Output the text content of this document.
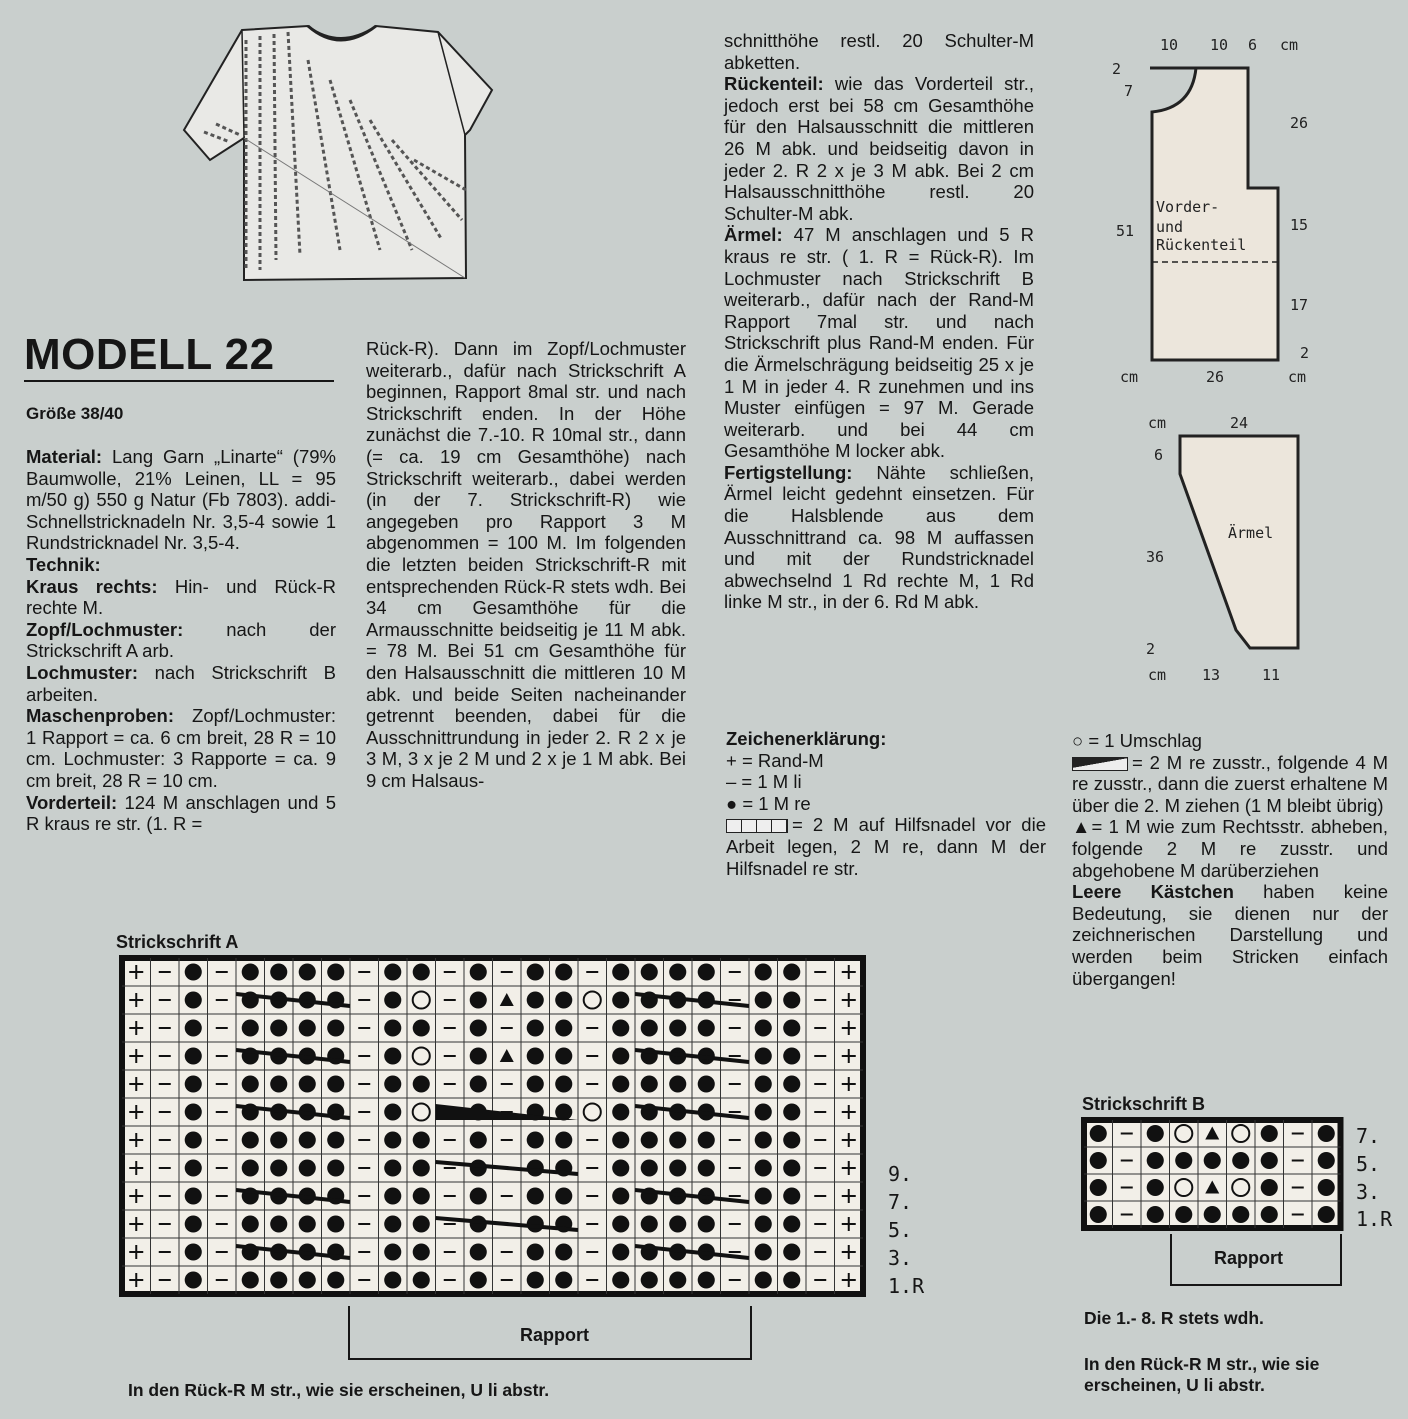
MODELL 22
Größe 38/40

Material: Lang Garn „Linarte“ (79% Baumwolle, 21% Leinen, LL = 95 m/50 g) 550 g Natur (Fb 7803). addi-Schnellstricknadeln Nr. 3,5-4 sowie 1 Rundstricknadel Nr. 3,5-4.

Technik:

Kraus rechts: Hin- und Rück-R rechte M.

Zopf/Lochmuster: nach der Strickschrift A arb.

Lochmuster: nach Strickschrift B arbeiten.

Maschenproben: Zopf/Lochmuster: 1 Rapport = ca. 6 cm breit, 28 R = 10 cm. Lochmuster: 3 Rapporte = ca. 9 cm breit, 28 R = 10 cm.

Vorderteil: 124 M anschlagen und 5 R kraus re str. (1. R =

Rück-R). Dann im Zopf/Lochmuster weiterarb., dafür nach Strickschrift A beginnen, Rapport 8mal str. und nach Strickschrift enden. In der Höhe zunächst die 7.-10. R 10mal str., dann (= ca. 19 cm Gesamthöhe) nach Strickschrift weiterarb., dabei werden (in der 7. Strickschrift-R) wie angegeben pro Rapport 3 M abgenommen = 100 M. Im folgenden die letzten beiden Strickschrift-R mit entsprechenden Rück-R stets wdh. Bei 34 cm Gesamthöhe für die Armausschnitte beidseitig je 11 M abk. = 78 M. Bei 51 cm Gesamthöhe für den Halsausschnitt die mittleren 10 M abk. und beide Seiten nacheinander getrennt beenden, dabei für die Ausschnittrundung in jeder 2. R 2 x je 3 M, 3 x je 2 M und 2 x je 1 M abk. Bei 9 cm Halsaus-

schnitthöhe restl. 20 Schulter-M abketten.

Rückenteil: wie das Vorderteil str., jedoch erst bei 58 cm Gesamthöhe für den Halsausschnitt die mittleren 26 M abk. und beidseitig davon in jeder 2. R 2 x je 3 M abk. Bei 2 cm Halsausschnitthöhe restl. 20 Schulter-M abk.

Ärmel: 47 M anschlagen und 5 R kraus re str. ( 1. R = Rück-R). Im Lochmuster nach Strickschrift B weiterarb., dafür nach der Rand-M Rapport 7mal str. und nach Strickschrift plus Rand-M enden. Für die Ärmelschrägung beidseitig 25 x je 1 M in jeder 4. R zunehmen und ins Muster einfügen = 97 M. Gerade weiterarb. und bei 44 cm Gesamthöhe M locker abk.

Fertigstellung: Nähte schließen, Ärmel leicht gedehnt einsetzen. Für die Halsblende aus dem Ausschnittrand ca. 98 M auffassen und mit der Rundstricknadel abwechselnd 1 Rd rechte M, 1 Rd linke M str., in der 6. Rd M abk.

Zeichenerklärung:

+ = Rand-M

– = 1 M li

● = 1 M re

= 2 M auf Hilfsnadel vor die Arbeit legen, 2 M re, dann M der Hilfsnadel re str.

○ = 1 Umschlag

= 2 M re zusstr., folgende 4 M re zusstr., dann die zuerst erhaltene M über die 2. M ziehen (1 M bleibt übrig)

▲= 1 M wie zum Rechtsstr. abheben, folgende 2 M re zusstr. und abgehobene M darüberziehen

Leere Kästchen haben keine Bedeutung, sie dienen nur der zeichnerischen Darstellung und werden beim Stricken einfach übergangen!

10 10 6 cm
2
7
51
cm
26
15
17
2
cm
26
Vorder-
und
Rückenteil
cm	24
6
36
2
cm 13	11
Ärmel
Strickschrift A
9.
7.
5.
3.
1.R
Rapport
In den Rück-R M str., wie sie erscheinen, U li abstr.
Strickschrift B
7.
5.
3.
1.R
Rapport
Die 1.- 8. R stets wdh.
In den Rück-R M str., wie sie erscheinen, U li abstr.
